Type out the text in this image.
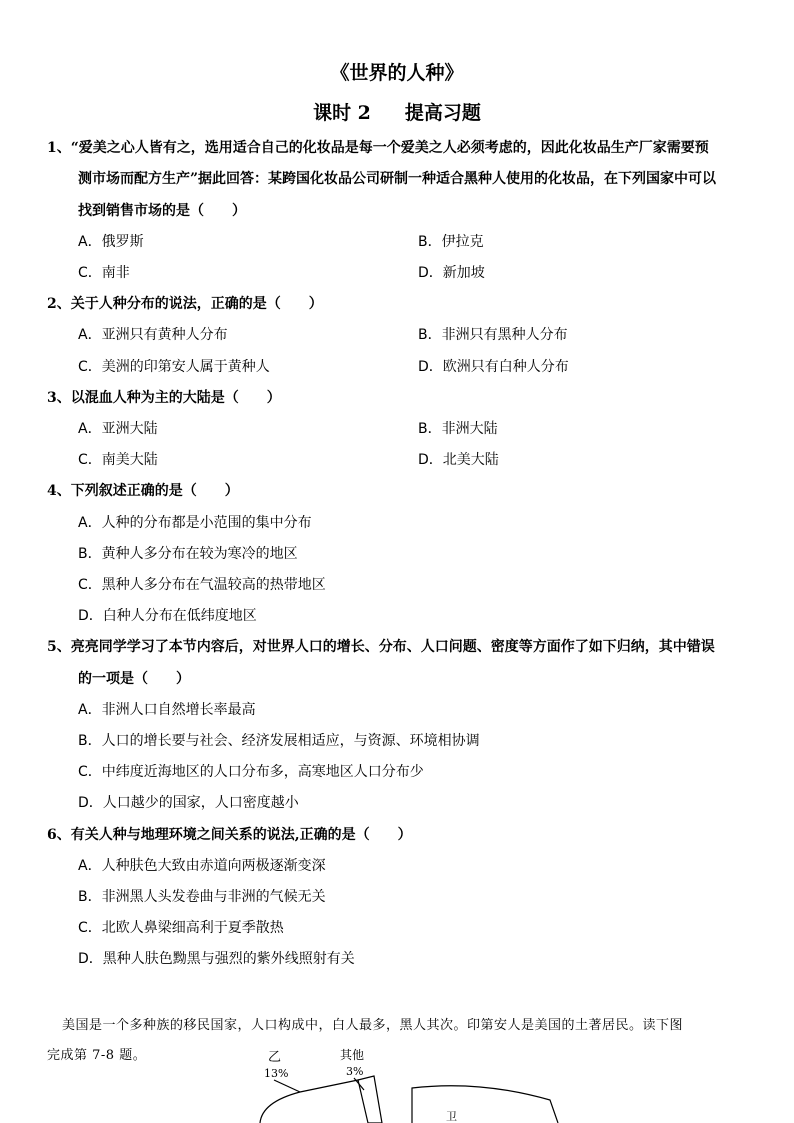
《世界的人种》
课时 2 提高习题
1、“爱美之心人皆有之，选用适合自己的化妆品是每一个爱美之人必须考虑的，因此化妆品生产厂家需要预
测市场而配方生产”据此回答：某跨国化妆品公司研制一种适合黑种人使用的化妆品，在下列国家中可以
找到销售市场的是（　　）
A．俄罗斯	B．伊拉克
C．南非	D．新加坡
2、关于人种分布的说法，正确的是（　　）
A．亚洲只有黄种人分布	B．非洲只有黑种人分布
C．美洲的印第安人属于黄种人	D．欧洲只有白种人分布
3、以混血人种为主的大陆是（　　）
A．亚洲大陆	B．非洲大陆
C．南美大陆	D．北美大陆
4、下列叙述正确的是（　　）
A．人种的分布都是小范围的集中分布
B．黄种人多分布在较为寒冷的地区
C．黑种人多分布在气温较高的热带地区
D．白种人分布在低纬度地区
5、亮亮同学学习了本节内容后，对世界人口的增长、分布、人口问题、密度等方面作了如下归纳，其中错误
的一项是（　　）
A．非洲人口自然增长率最高
B．人口的增长要与社会、经济发展相适应，与资源、环境相协调
C．中纬度近海地区的人口分布多，高寒地区人口分布少
D．人口越少的国家，人口密度越小
6、有关人种与地理环境之间关系的说法,正确的是（　　）
A．人种肤色大致由赤道向两极逐渐变深
B．非洲黑人头发卷曲与非洲的气候无关
C．北欧人鼻梁细高利于夏季散热
D．黑种人肤色黝黑与强烈的紫外线照射有关
美国是一个多种族的移民国家，人口构成中，白人最多，黑人其次。印第安人是美国的土著居民。读下图
完成第 7-8 题。	乙
13%
其他
3%
卫
